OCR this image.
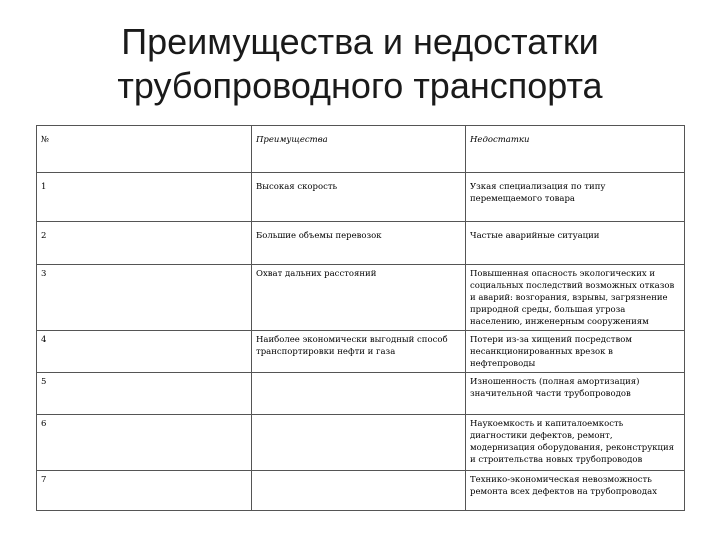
Преимущества и недостатки
трубопроводного транспорта
№	Преимущества	Недостатки
1	Высокая скорость	Узкая специализация по типу перемещаемого товара
2	Большие объемы перевозок	Частые аварийные ситуации
3	Охват дальних расстояний	Повышенная опасность экологических и социальных последствий возможных отказов и аварий: возгорания, взрывы, загрязнение природной среды, большая угроза населению, инженерным сооружениям
4	Наиболее экономически выгодный способ транспортировки нефти и газа	Потери из-за хищений посредством несанкционированных врезок в нефтепроводы
5		Изношенность (полная амортизация) значительной части трубопроводов
6		Наукоемкость и капиталоемкость диагностики дефектов, ремонт, модернизация оборудования, реконструкция и строительства новых трубопроводов
7		Технико-экономическая невозможность ремонта всех дефектов на трубопроводах
